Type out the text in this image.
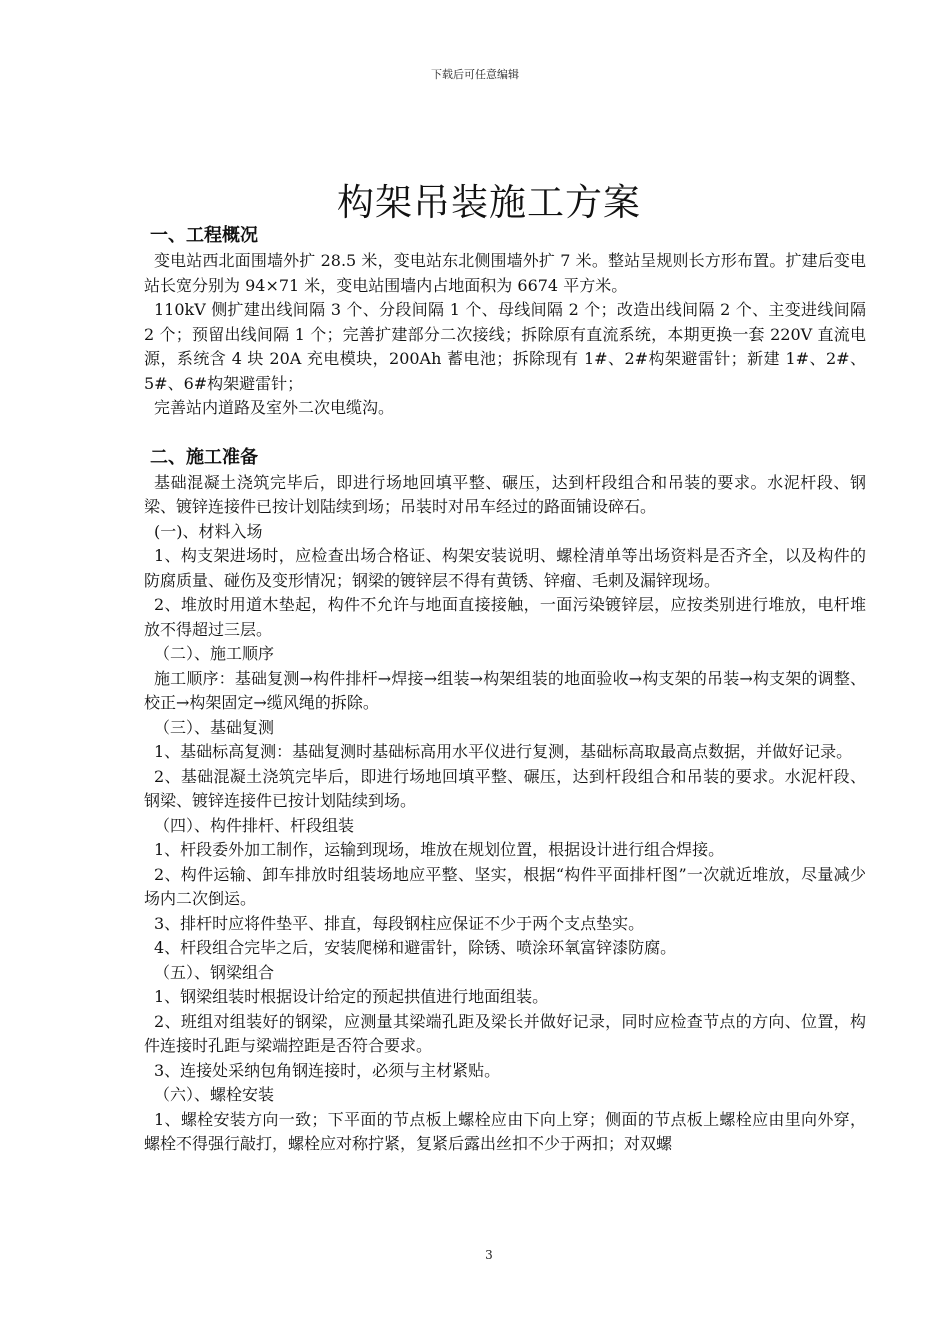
下载后可任意编辑
构架吊装施工方案

一、工程概况

变电站西北面围墙外扩 28.5 米，变电站东北侧围墙外扩 7 米。整站呈规则长方形布置。扩建后变电站长宽分别为 94×71 米，变电站围墙内占地面积为 6674 平方米。

110kV 侧扩建出线间隔 3 个、分段间隔 1 个、母线间隔 2 个；改造出线间隔 2 个、主变进线间隔 2 个；预留出线间隔 1 个；完善扩建部分二次接线；拆除原有直流系统，本期更换一套 220V 直流电源，系统含 4 块 20A 充电模块，200Ah 蓄电池；拆除现有 1#、2#构架避雷针；新建 1#、2#、5#、6#构架避雷针；

完善站内道路及室外二次电缆沟。

二、施工准备

基础混凝土浇筑完毕后，即进行场地回填平整、碾压，达到杆段组合和吊装的要求。水泥杆段、钢梁、镀锌连接件已按计划陆续到场；吊装时对吊车经过的路面铺设碎石。

(一)、材料入场

1、构支架进场时，应检查出场合格证、构架安装说明、螺栓清单等出场资料是否齐全，以及构件的防腐质量、碰伤及变形情况；钢梁的镀锌层不得有黄锈、锌瘤、毛刺及漏锌现场。

2、堆放时用道木垫起，构件不允许与地面直接接触，一面污染镀锌层，应按类别进行堆放，电杆堆放不得超过三层。

（二）、施工顺序

施工顺序：基础复测→构件排杆→焊接→组装→构架组装的地面验收→构支架的吊装→构支架的调整、校正→构架固定→缆风绳的拆除。

（三）、基础复测

1、基础标高复测：基础复测时基础标高用水平仪进行复测，基础标高取最高点数据，并做好记录。

2、基础混凝土浇筑完毕后，即进行场地回填平整、碾压，达到杆段组合和吊装的要求。水泥杆段、钢梁、镀锌连接件已按计划陆续到场。

（四）、构件排杆、杆段组装

1、杆段委外加工制作，运输到现场，堆放在规划位置，根据设计进行组合焊接。

2、构件运输、卸车排放时组装场地应平整、坚实，根据“构件平面排杆图”一次就近堆放，尽量减少场内二次倒运。

3、排杆时应将件垫平、排直，每段钢柱应保证不少于两个支点垫实。

4、杆段组合完毕之后，安装爬梯和避雷针，除锈、喷涂环氧富锌漆防腐。

（五）、钢梁组合

1、钢梁组装时根据设计给定的预起拱值进行地面组装。

2、班组对组装好的钢梁，应测量其梁端孔距及梁长并做好记录，同时应检查节点的方向、位置，构件连接时孔距与梁端控距是否符合要求。

3、连接处采纳包角钢连接时，必须与主材紧贴。

（六）、螺栓安装

1、螺栓安装方向一致；下平面的节点板上螺栓应由下向上穿；侧面的节点板上螺栓应由里向外穿，螺栓不得强行敲打，螺栓应对称拧紧，复紧后露出丝扣不少于两扣；对双螺

3
